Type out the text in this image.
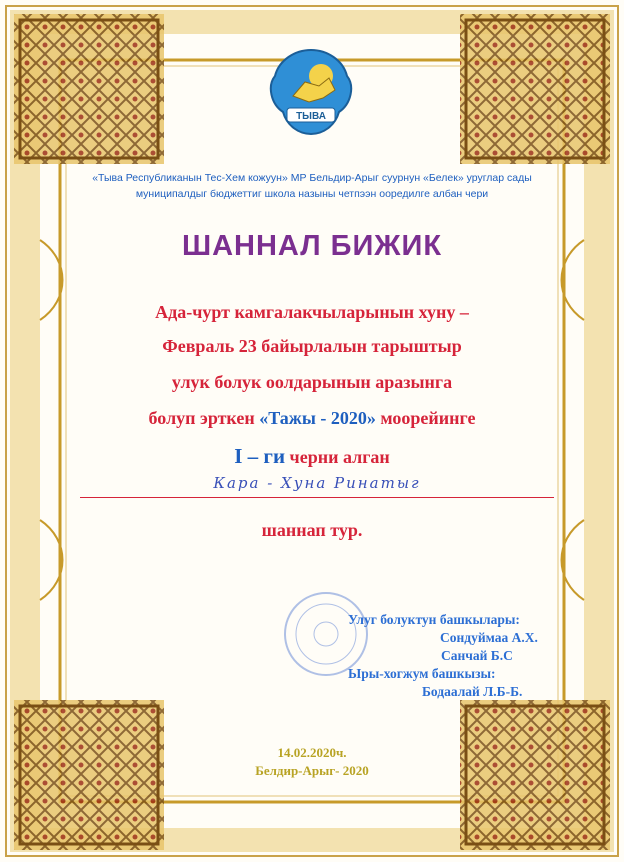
ТЫВА
«Тыва Республиканын Тес-Хем кожуун» МР Бельдир-Арыг суурнун «Белек» уруглар сады
муниципалдыг бюджеттиг школа назыны четпээн ооредилге албан чери
ШАННАЛ БИЖИК
Ада-чурт камгалакчыларынын хуну –
Февраль 23 байырлалын тарыштыр
улук болук оолдарынын аразынга
болуп эрткен «Тажы - 2020» моорейинге
I – ги черни алган
Кара - Хуна Ринатыг
шаннап тур.
Улуг болуктун башкылары:
Сондуймаа А.Х.
Санчай Б.С
Ыры-хогжум башкызы:
Бодаалай Л.Б-Б.
14.02.2020ч.
Белдир-Арыг- 2020
